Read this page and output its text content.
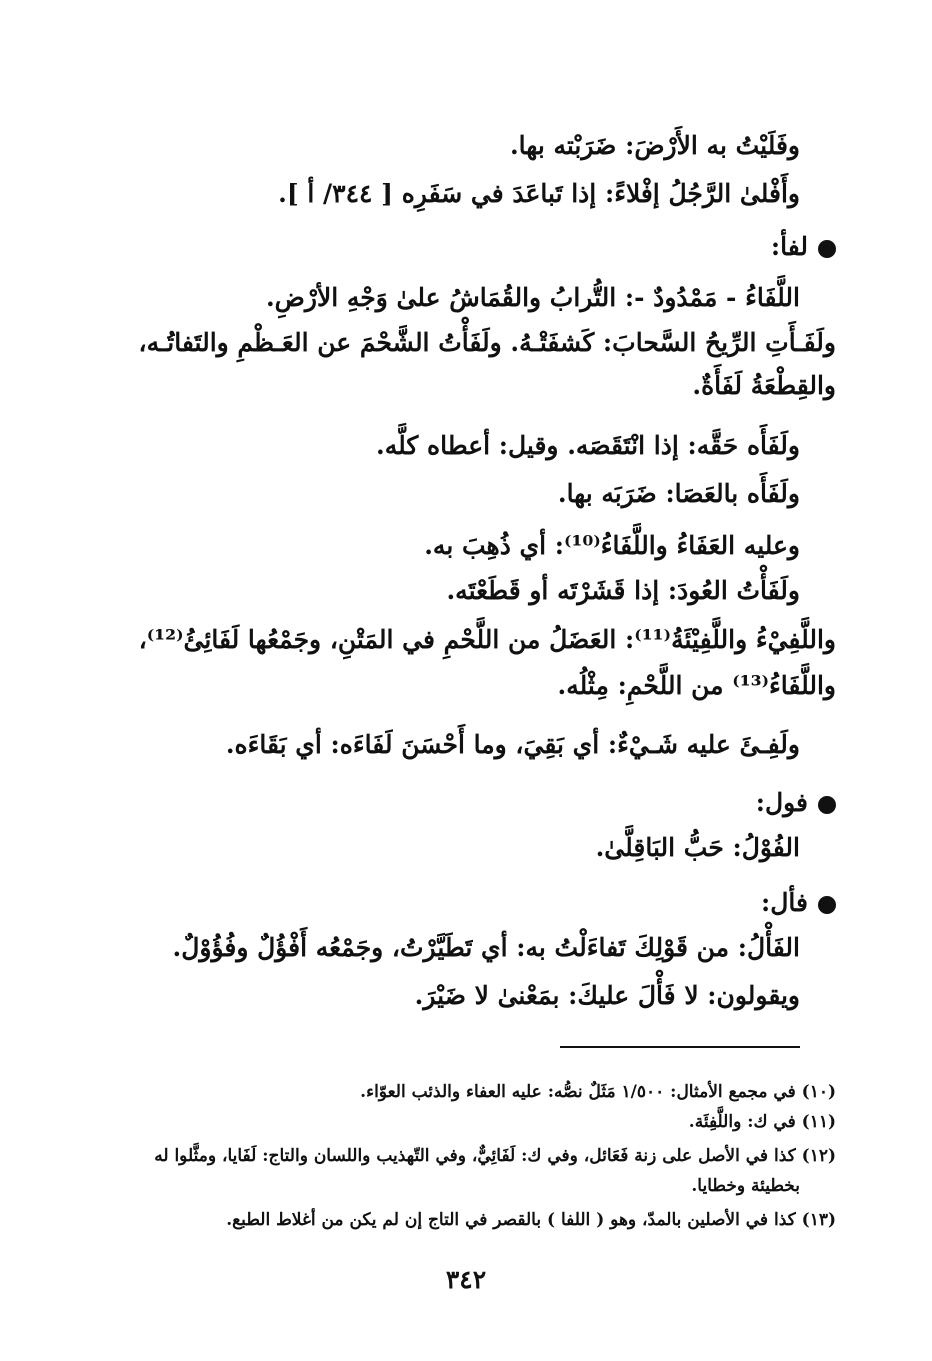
وفَلَيْتُ به الأَرْضَ: ضَرَبْته بها.
وأَفْلىٰ الرَّجُلُ إفْلاءً: إذا تَباعَدَ في سَفَرِه [ ٣٤٤/ أ ].
لفأ:
اللَّفَاءُ - مَمْدُودٌ -: التُّرابُ والقُمَاشُ علىٰ وَجْهِ الأرْضِ.
ولَفَـأَتِ الرِّيحُ السَّحابَ: كَشفَتْـهُ. ولَفَأْتُ الشَّحْمَ عن العَـظْمِ والتَفاتُـه،
والقِطْعَةُ لَفَأَةٌ.
ولَفَأَه حَقَّه: إذا انْتَقَصَه. وقيل: أعطاه كلَّه.
ولَفَأَه بالعَصَا: ضَرَبَه بها.
وعليه العَفَاءُ واللَّفَاءُ⁽¹⁰⁾: أي ذُهِبَ به.
ولَفَأْتُ العُودَ: إذا قَشَرْتَه أو قَطَعْتَه.
واللَّفِيْءُ واللَّفِيْئَةُ⁽¹¹⁾: العَضَلُ من اللَّحْمِ في المَتْنِ، وجَمْعُها لَفَائِئُ⁽¹²⁾،
واللَّفَاءُ⁽¹³⁾ من اللَّحْمِ: مِثْلُه.
ولَفِـئَ عليه شَـيْءٌ: أي بَقِيَ، وما أَحْسَنَ لَفَاءَه: أي بَقَاءَه.
فول:
الفُوْلُ: حَبُّ البَاقِلَّىٰ.
فأل:
الفَأْلُ: من قَوْلِكَ تَفاءَلْتُ به: أي تَطَيَّرْتُ، وجَمْعُه أَفْؤُلٌ وفُؤُوْلٌ.
ويقولون: لا فَأْلَ عليكَ: بمَعْنىٰ لا ضَيْرَ.
(١٠) في مجمع الأمثال: ١/٥٠٠ مَثَلٌ نصُّه: عليه العفاء والذئب العوّاء.
(١١) في ك: واللَّفِئَة.
(١٢) كذا في الأصل على زنة فَعَائل، وفي ك: لَفَائِيٌّ، وفي التّهذيب واللسان والتاج: لَفَايا، ومثَّلوا له
بخطيئة وخطايا.
(١٣) كذا في الأصلين بالمدّ، وهو ( اللفا ) بالقصر في التاج إن لم يكن من أغلاط الطبع.
٣٤٢
